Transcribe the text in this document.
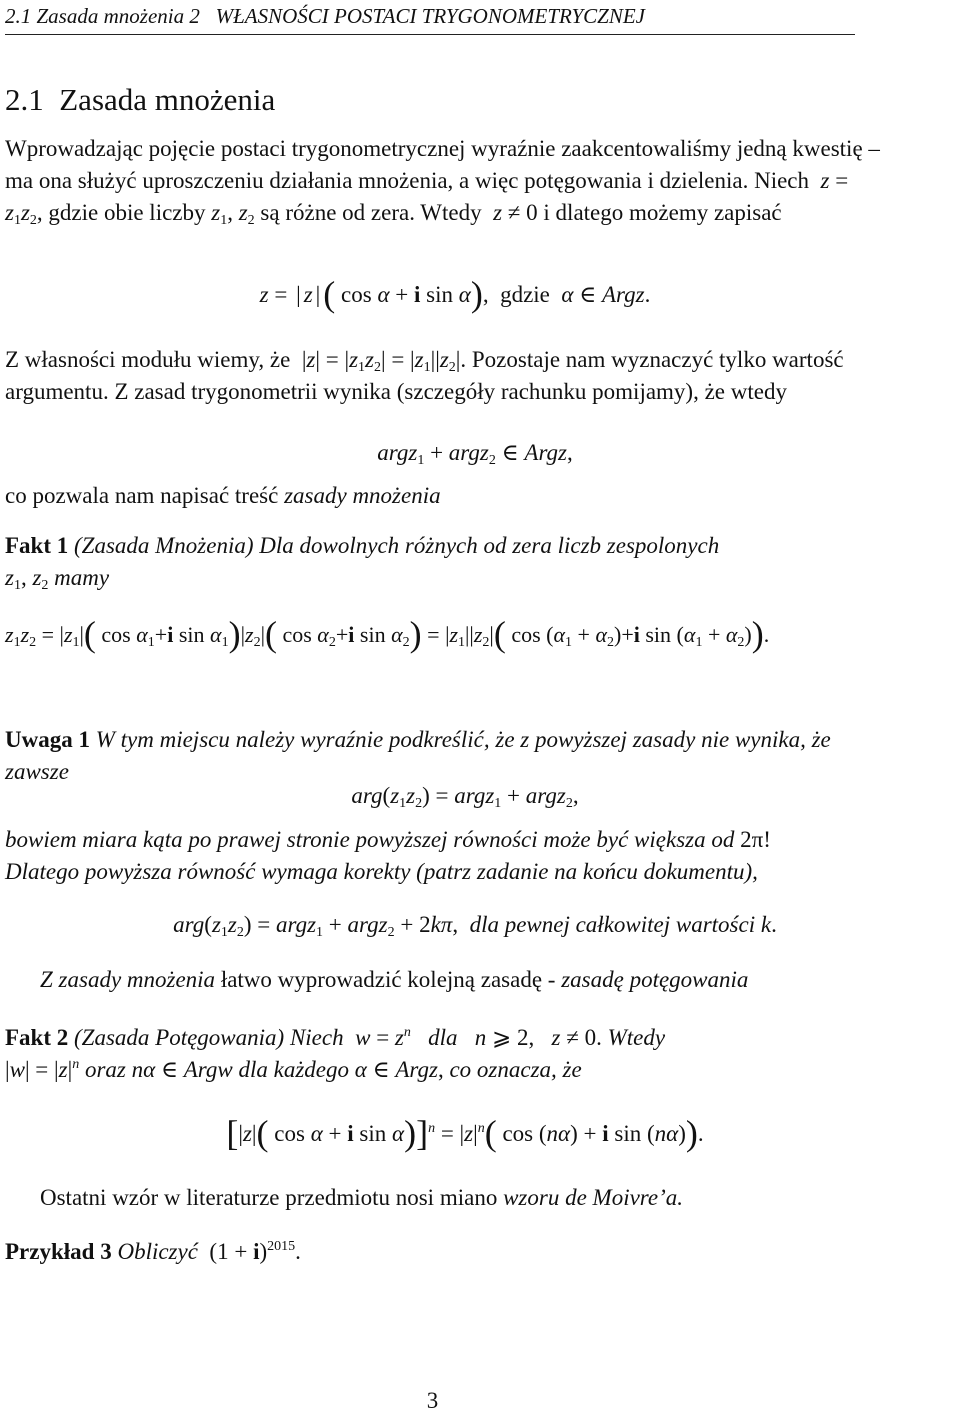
2.1 Zasada mnożenia 2   WŁASNOŚCI POSTACI TRYGONOMETRYCZNEJ
2.1  Zasada mnożenia
Wprowadzając pojęcie postaci trygonometrycznej wyraźnie zaakcentowaliśmy jedną kwestię – ma ona służyć uproszczeniu działania mnożenia, a więc potęgowania i dzielenia. Niech $z = z_1z_2$, gdzie obie liczby $z_1$, $z_2$ są różne od zera. Wtedy z ≠ 0 i dlatego możemy zapisać
z = | z |( cos α + i sin α),  gdzie α ∈ Argz.
Z własności modułu wiemy, że  $|z| = |z_1z_2| = |z_1||z_2|$. Pozostaje nam wyznaczyć tylko wartość argumentu. Z zasad trygonometrii wynika (szczegóły rachunku pomijamy), że wtedy
argz$_1$ + argz$_2$ ∈ Argz,
co pozwala nam napisać treść zasady mnożenia
Fakt 1 (Zasada Mnożenia) Dla dowolnych różnych od zera liczb zespolonych
$z_1$, $z_2$ mamy
$z_1z_2 = |z_1|$( $\cos \alpha_1+i$ $\sin \alpha_1)|z_2|$( $\cos \alpha_2+i$ $\sin \alpha_2) = |z_1||z_2|$( $\cos (\alpha_1 + \alpha_2)+i$ $\sin (\alpha_1 + \alpha_2)$).
Uwaga 1 W tym miejscu należy wyraźnie podkreślić, że z powyższej zasady nie wynika, że zawsze
$arg(z_1z_2)$ = argz$_1$ + argz$_2$,
bowiem miara kąta po prawej stronie powyższej równości może być większa od 2π!
Dlatego powyższa równość wymaga korekty (patrz zadanie na końcu dokumentu),
$arg(z_1z_2)$ = argz$_1$ + argz$_2$ + 2kπ,  dla pewnej całkowitej wartości k.
Z zasady mnożenia łatwo wyprowadzić kolejną zasadę - zasadę potęgowania
Fakt 2 (Zasada Potęgowania) Niech $w = z^n$ dla n ⩾ 2,   z ≠ 0. Wtedy
$|w| = |z|^n$ oraz nα ∈ Argw dla każdego α ∈ Argz, co oznacza, że
[|z|( cos α + i $\sin \alpha)]^n = |z|^n$( cos (nα) + i sin (nα)).
Ostatni wzór w literaturze przedmiotu nosi miano wzoru de Moivre’a.
Przykład 3 Obliczyć  $(1 + i)^{2015}$.
3
